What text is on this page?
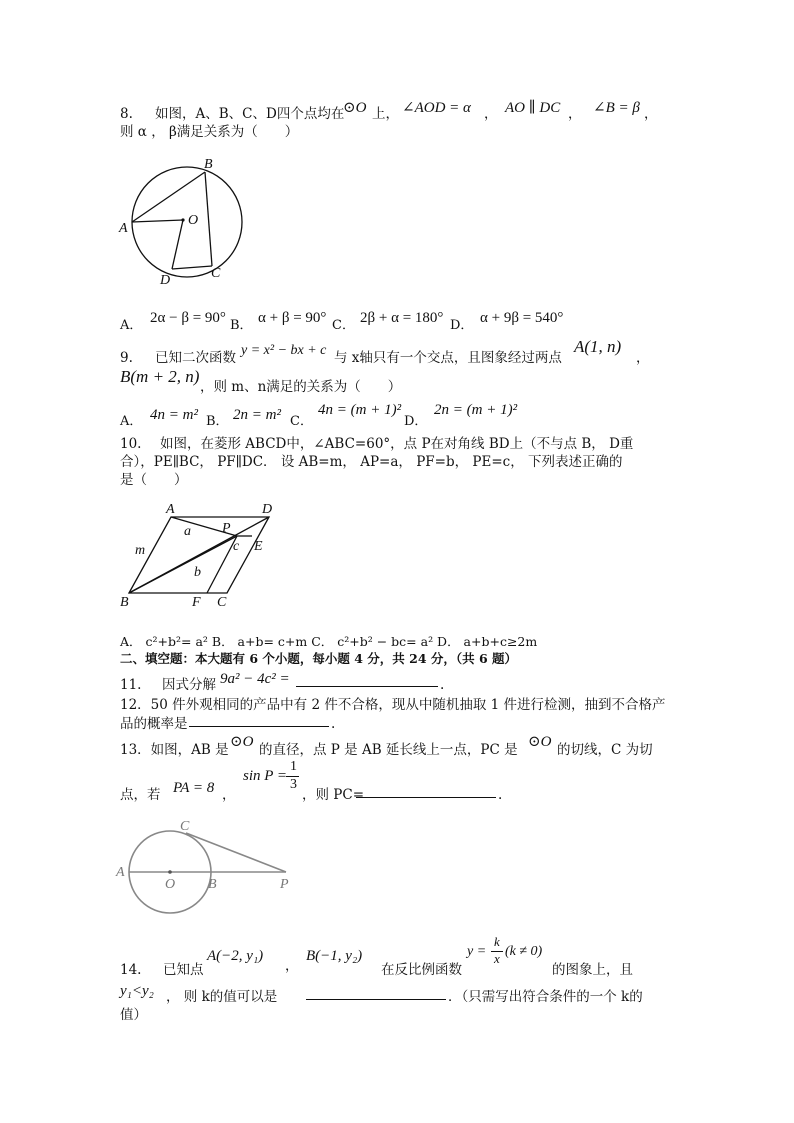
8. 如图，A、B、C、D四个点均在
⊙O 上， ∠AOD = α ， AO ∥ DC ， ∠B = β ，
则 α ， β满足关系为（　　）
A
B
O
D	C
A． 2α − β = 90° B． α + β = 90° C． 2β + α = 180° D． α + 9β = 540°
9. 已知二次函数 y = x² − bx + c 与 x轴只有一个交点，且图象经过两点
A(1, n)
，
B(m + 2, n)
，则 m、n满足的关系为（　　）
A． 4n = m² B． 2n = m² C．
4n = (m + 1)²
D．
2n = (m + 1)²
10. 如图，在菱形 ABCD中，∠ABC=60°，点 P在对角线 BD上（不与点 B， D重
合），PE∥BC， PF∥DC． 设 AB=m， AP=a， PF=b， PE=c， 下列表述正确的
是（　　）
A	D
P
E
c
a
b
m
B	F C
A． c²+b²= a² B． a+b= c+m C． c²+b² − bc= a² D． a+b+c≥2m
二、填空题：本大题有 6 个小题，每小题 4 分，共 24 分，（共 6 题）
11. 因式分解 9a² − 4c² =	.
12．50 件外观相同的产品中有 2 件不合格，现从中随机抽取 1 件进行检测，抽到不合格产
品的概率是	.
13．如图，AB 是 ⊙O 的直径，点 P 是 AB 延长线上一点，PC 是 ⊙O 的切线，C 为切
点，若 PA = 8 ，
sin P =
1
3
，则 PC=	.
A
C
O B	P
14. 已知点
A(−2, y₁)
，
B(−1, y₂)
在反比例函数
y =
k
x (k ≠ 0)
的图象上，且
y₁<y₂ ， 则 k的值可以是	．（只需写出符合条件的一个 k的
值）
